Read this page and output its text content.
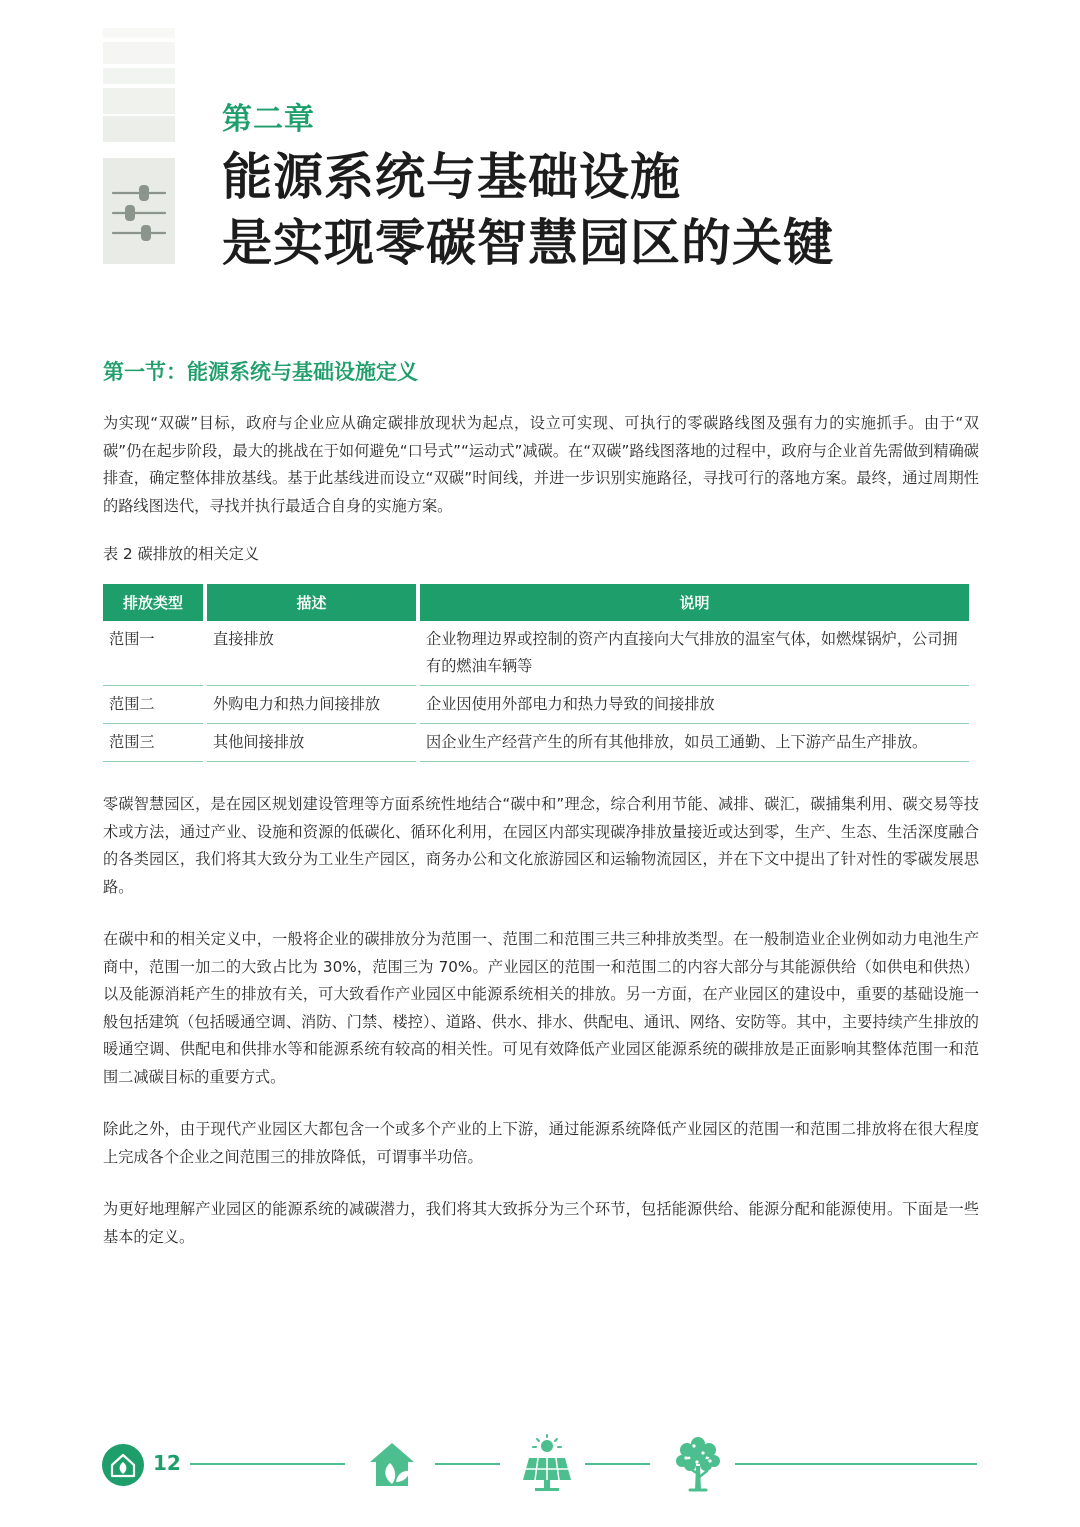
第二章
能源系统与基础设施
是实现零碳智慧园区的关键
第一节：能源系统与基础设施定义
为实现“双碳”目标，政府与企业应从确定碳排放现状为起点，设立可实现、可执行的零碳路线图及强有力的实施抓手。由于“双碳”仍在起步阶段，最大的挑战在于如何避免“口号式”“运动式”减碳。在“双碳”路线图落地的过程中，政府与企业首先需做到精确碳排查，确定整体排放基线。基于此基线进而设立“双碳”时间线，并进一步识别实施路径，寻找可行的落地方案。最终，通过周期性的路线图迭代，寻找并执行最适合自身的实施方案。
表 2 碳排放的相关定义
排放类型	描述	说明
范围一	直接排放	企业物理边界或控制的资产内直接向大气排放的温室气体，如燃煤锅炉，公司拥有的燃油车辆等
范围二	外购电力和热力间接排放	企业因使用外部电力和热力导致的间接排放
范围三	其他间接排放	因企业生产经营产生的所有其他排放，如员工通勤、上下游产品生产排放。
零碳智慧园区，是在园区规划建设管理等方面系统性地结合“碳中和”理念，综合利用节能、减排、碳汇，碳捕集利用、碳交易等技术或方法，通过产业、设施和资源的低碳化、循环化利用，在园区内部实现碳净排放量接近或达到零，生产、生态、生活深度融合的各类园区，我们将其大致分为工业生产园区，商务办公和文化旅游园区和运输物流园区，并在下文中提出了针对性的零碳发展思路。
在碳中和的相关定义中，一般将企业的碳排放分为范围一、范围二和范围三共三种排放类型。在一般制造业企业例如动力电池生产商中，范围一加二的大致占比为 30%，范围三为 70%。产业园区的范围一和范围二的内容大部分与其能源供给（如供电和供热）以及能源消耗产生的排放有关，可大致看作产业园区中能源系统相关的排放。另一方面，在产业园区的建设中，重要的基础设施一般包括建筑（包括暖通空调、消防、门禁、楼控）、道路、供水、排水、供配电、通讯、网络、安防等。其中，主要持续产生排放的暖通空调、供配电和供排水等和能源系统有较高的相关性。可见有效降低产业园区能源系统的碳排放是正面影响其整体范围一和范围二减碳目标的重要方式。
除此之外，由于现代产业园区大都包含一个或多个产业的上下游，通过能源系统降低产业园区的范围一和范围二排放将在很大程度上完成各个企业之间范围三的排放降低，可谓事半功倍。
为更好地理解产业园区的能源系统的减碳潜力，我们将其大致拆分为三个环节，包括能源供给、能源分配和能源使用。下面是一些基本的定义。
12
